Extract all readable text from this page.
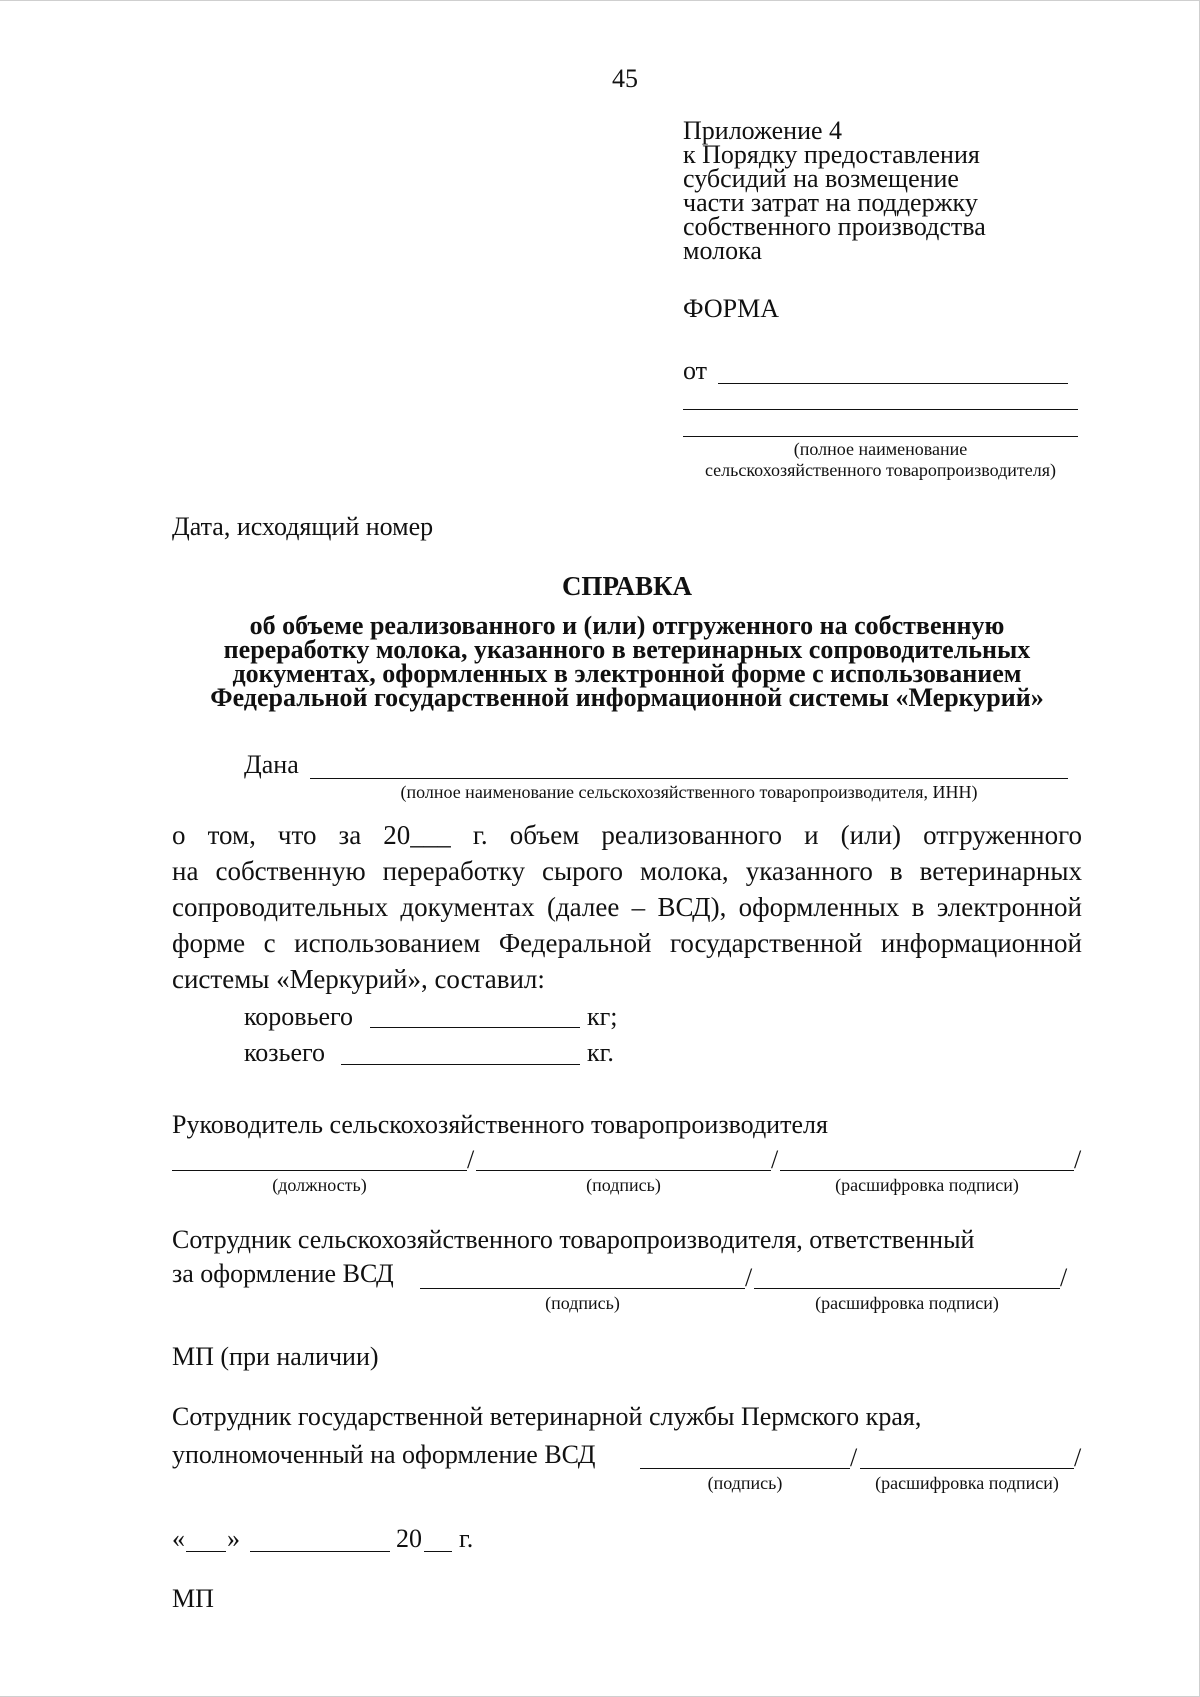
45
Приложение 4
к Порядку предоставления
субсидий на возмещение
части затрат на поддержку
собственного производства
молока
ФОРМА
от
(полное наименование
сельскохозяйственного товаропроизводителя)
Дата, исходящий номер
СПРАВКА
об объеме реализованного и (или) отгруженного на собственную
переработку молока, указанного в ветеринарных сопроводительных
документах, оформленных в электронной форме с использованием
Федеральной государственной информационной системы «Меркурий»
Дана
(полное наименование сельскохозяйственного товаропроизводителя, ИНН)
о том, что за 20___ г. объем реализованного и (или) отгруженного
на собственную переработку сырого молока, указанного в ветеринарных
сопроводительных документах (далее – ВСД), оформленных в электронной
форме с использованием Федеральной государственной информационной
системы «Меркурий», составил:
коровьего	кг;
козьего	кг.
Руководитель сельскохозяйственного товаропроизводителя
/	/	/
(должность)	(подпись)	(расшифровка подписи)
Сотрудник сельскохозяйственного товаропроизводителя, ответственный
за оформление ВСД	/	/
(подпись)	(расшифровка подписи)
МП (при наличии)
Сотрудник государственной ветеринарной службы Пермского края,
уполномоченный на оформление ВСД	/	/
(подпись)	(расшифровка подписи)
« »	20 г.
МП
